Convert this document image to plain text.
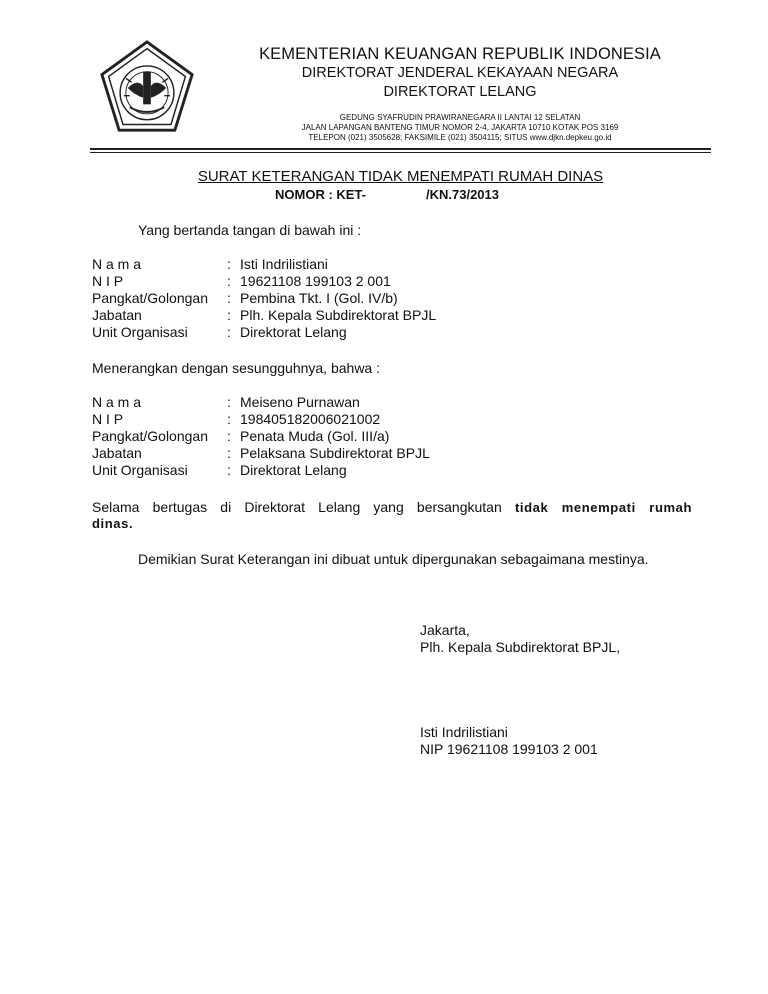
KEMENTERIAN KEUANGAN REPUBLIK INDONESIA
DIREKTORAT JENDERAL KEKAYAAN NEGARA
DIREKTORAT LELANG
GEDUNG SYAFRUDIN PRAWIRANEGARA II LANTAI 12 SELATAN
JALAN LAPANGAN BANTENG TIMUR NOMOR 2-4, JAKARTA 10710 KOTAK POS 3169
TELEPON (021) 3505628; FAKSIMILE (021) 3504115; SITUS www.djkn.depkeu.go.id
SURAT KETERANGAN TIDAK MENEMPATI RUMAH DINAS
NOMOR : KET-	/KN.73/2013
Yang bertanda tangan di bawah ini :
N a m a	: Isti Indrilistiani
N I P	: 19621108 199103 2 001
Pangkat/Golongan : Pembina Tkt. I (Gol. IV/b)
Jabatan	: Plh. Kepala Subdirektorat BPJL
Unit Organisasi	: Direktorat Lelang
Menerangkan dengan sesungguhnya, bahwa :
N a m a	: Meiseno Purnawan
N I P	: 198405182006021002
Pangkat/Golongan : Penata Muda (Gol. III/a)
Jabatan	: Pelaksana Subdirektorat BPJL
Unit Organisasi	: Direktorat Lelang
Selama bertugas di Direktorat Lelang yang bersangkutan tidak menempati rumah
dinas.
Demikian Surat Keterangan ini dibuat untuk dipergunakan sebagaimana mestinya.
Jakarta,
Plh. Kepala Subdirektorat BPJL,
Isti Indrilistiani
NIP 19621108 199103 2 001
